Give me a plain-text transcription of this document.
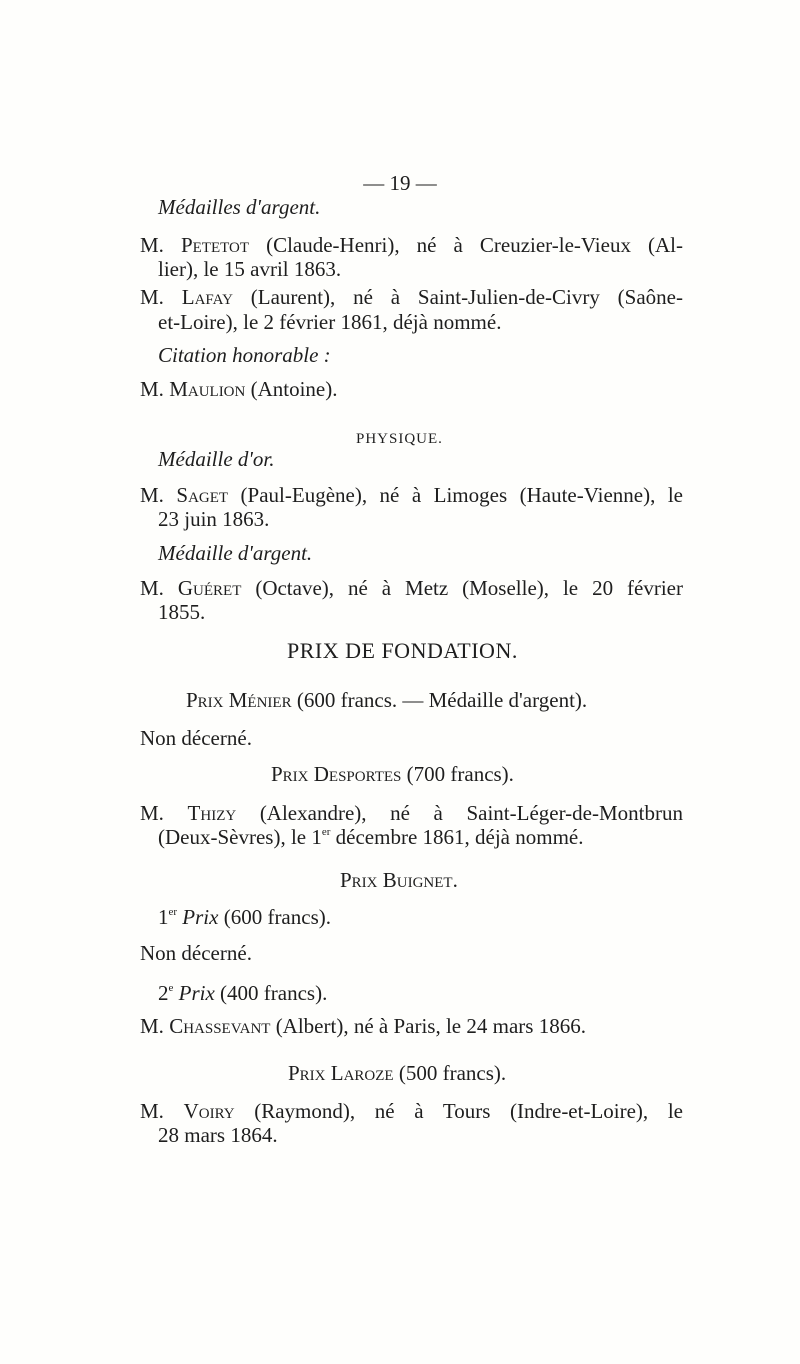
— 19 —

Médailles d'argent.

M. Petetot (Claude-Henri), né à Creuzier-le-Vieux (Al-

lier), le 15 avril 1863.

M. Lafay (Laurent), né à Saint-Julien-de-Civry (Saône-

et-Loire), le 2 février 1861, déjà nommé.

Citation honorable :

M. Maulion (Antoine).

PHYSIQUE.

Médaille d'or.

M. Saget (Paul-Eugène), né à Limoges (Haute-Vienne), le

23 juin 1863.

Médaille d'argent.

M. Guéret (Octave), né à Metz (Moselle), le 20 février

1855.

PRIX DE FONDATION.

Prix Ménier (600 francs. — Médaille d'argent).

Non décerné.

Prix Desportes (700 francs).

M. Thizy (Alexandre), né à Saint-Léger-de-Montbrun

(Deux-Sèvres), le 1er décembre 1861, déjà nommé.

Prix Buignet.

1er Prix (600 francs).

Non décerné.

2e Prix (400 francs).

M. Chassevant (Albert), né à Paris, le 24 mars 1866.

Prix Laroze (500 francs).

M. Voiry (Raymond), né à Tours (Indre-et-Loire), le

28 mars 1864.
